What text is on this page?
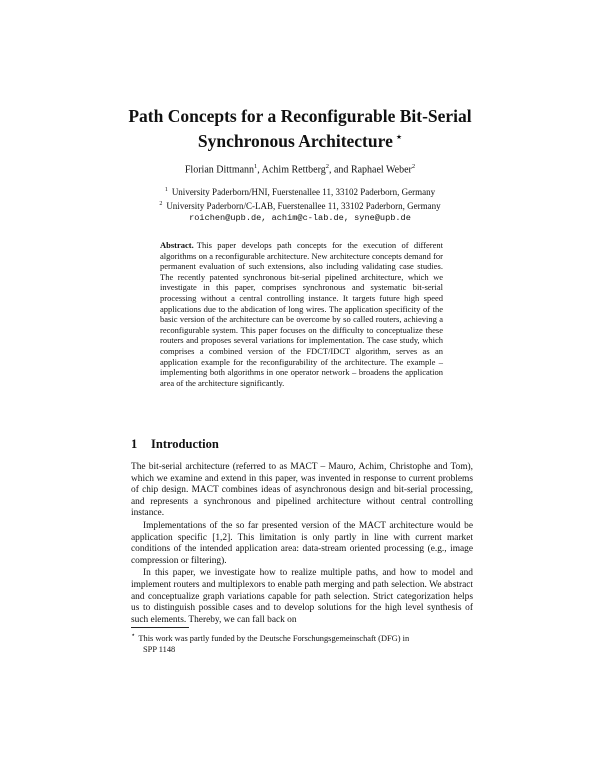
Path Concepts for a Reconfigurable Bit-Serial
Synchronous Architecture ⋆
Florian Dittmann$^1$, Achim Rettberg$^2$, and Raphael Weber$^2$
$^1$ University Paderborn/HNI, Fuerstenallee 11, 33102 Paderborn, Germany
$^2$ University Paderborn/C-LAB, Fuerstenallee 11, 33102 Paderborn, Germany
roichen@upb.de, achim@c-lab.de, syne@upb.de
Abstract. This paper develops path concepts for the execution of different algorithms on a reconfigurable architecture. New architecture concepts demand for permanent evaluation of such extensions, also including validating case studies. The recently patented synchronous bit-serial pipelined architecture, which we investigate in this paper, comprises synchronous and systematic bit-serial processing without a central controlling instance. It targets future high speed applications due to the abdication of long wires. The application specificity of the basic version of the architecture can be overcome by so called routers, achieving a reconfigurable system. This paper focuses on the difficulty to conceptualize these routers and proposes several variations for implementation. The case study, which comprises a combined version of the FDCT/IDCT algorithm, serves as an application example for the reconfigurability of the architecture. The example – implementing both algorithms in one operator network – broadens the application area of the architecture significantly.
1 Introduction

The bit-serial architecture (referred to as MACT – Mauro, Achim, Christophe and Tom), which we examine and extend in this paper, was invented in response to current problems of chip design. MACT combines ideas of asynchronous design and bit-serial processing, and represents a synchronous and pipelined architecture without central controlling instance.

Implementations of the so far presented version of the MACT architecture would be application specific [1,2]. This limitation is only partly in line with current market conditions of the intended application area: data-stream oriented processing (e.g., image compression or filtering).

In this paper, we investigate how to realize multiple paths, and how to model and implement routers and multiplexors to enable path merging and path selection. We abstract and conceptualize graph variations capable for path selection. Strict categorization helps us to distinguish possible cases and to develop solutions for the high level synthesis of such elements. Thereby, we can fall back on

⋆ This work was partly funded by the Deutsche Forschungsgemeinschaft (DFG) in
SPP 1148
